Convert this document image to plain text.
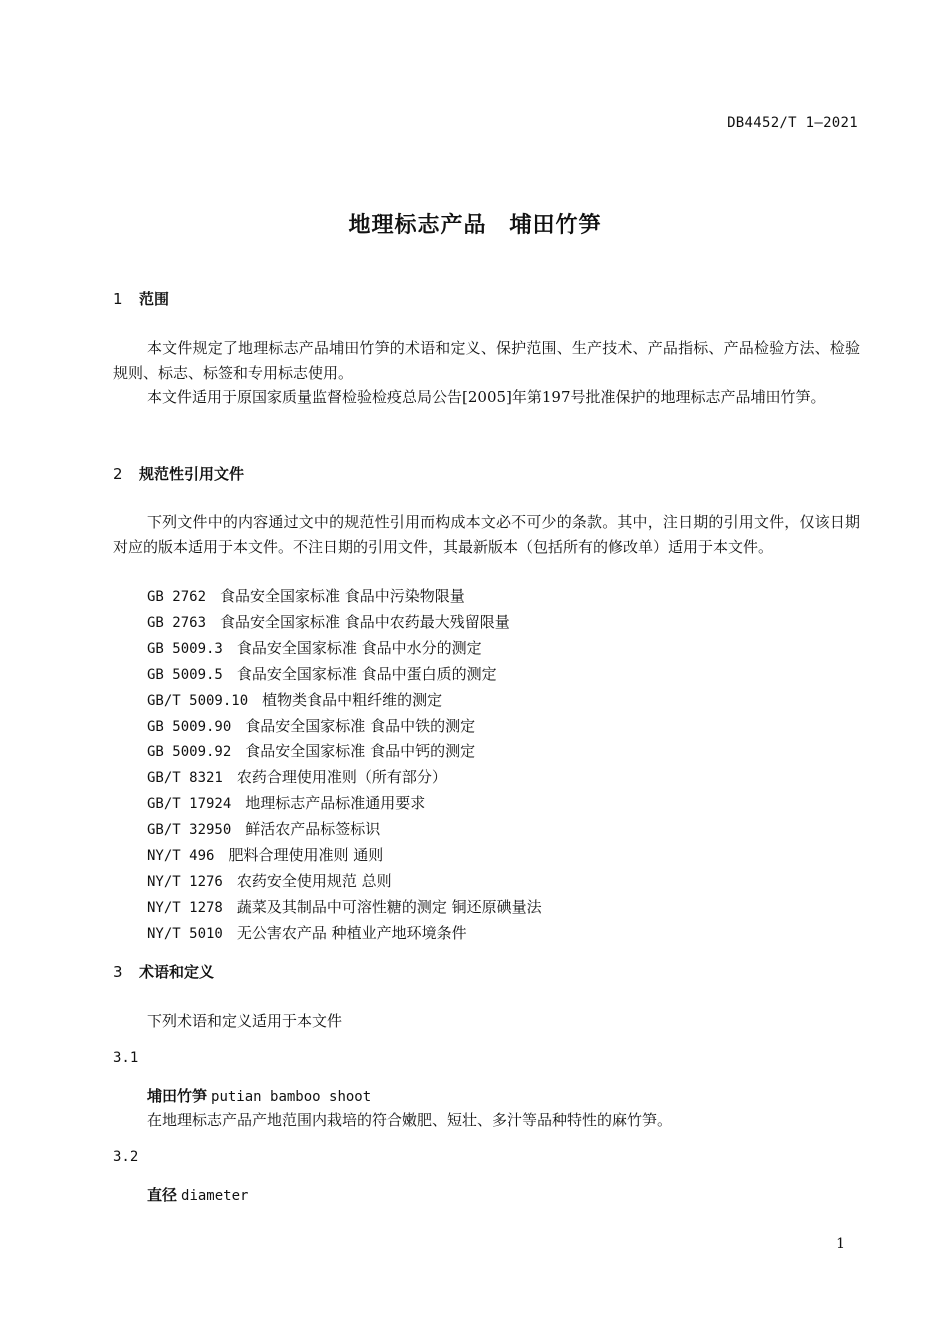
DB4452/T 1—2021
地理标志产品　埔田竹笋
1 范围
本文件规定了地理标志产品埔田竹笋的术语和定义、保护范围、生产技术、产品指标、产品检验方法、检验规则、标志、标签和专用标志使用。
本文件适用于原国家质量监督检验检疫总局公告[2005]年第197号批准保护的地理标志产品埔田竹笋。
2 规范性引用文件
下列文件中的内容通过文中的规范性引用而构成本文必不可少的条款。其中，注日期的引用文件，仅该日期对应的版本适用于本文件。不注日期的引用文件，其最新版本（包括所有的修改单）适用于本文件。
GB 2762 食品安全国家标准 食品中污染物限量
GB 2763 食品安全国家标准 食品中农药最大残留限量
GB 5009.3 食品安全国家标准 食品中水分的测定
GB 5009.5 食品安全国家标准 食品中蛋白质的测定
GB/T 5009.10 植物类食品中粗纤维的测定
GB 5009.90 食品安全国家标准 食品中铁的测定
GB 5009.92 食品安全国家标准 食品中钙的测定
GB/T 8321 农药合理使用准则（所有部分）
GB/T 17924 地理标志产品标准通用要求
GB/T 32950 鲜活农产品标签标识
NY/T 496 肥料合理使用准则 通则
NY/T 1276 农药安全使用规范 总则
NY/T 1278 蔬菜及其制品中可溶性糖的测定 铜还原碘量法
NY/T 5010 无公害农产品 种植业产地环境条件
3 术语和定义
下列术语和定义适用于本文件
3.1
埔田竹笋 putian bamboo shoot
在地理标志产品产地范围内栽培的符合嫩肥、短壮、多汁等品种特性的麻竹笋。
3.2
直径 diameter
1
